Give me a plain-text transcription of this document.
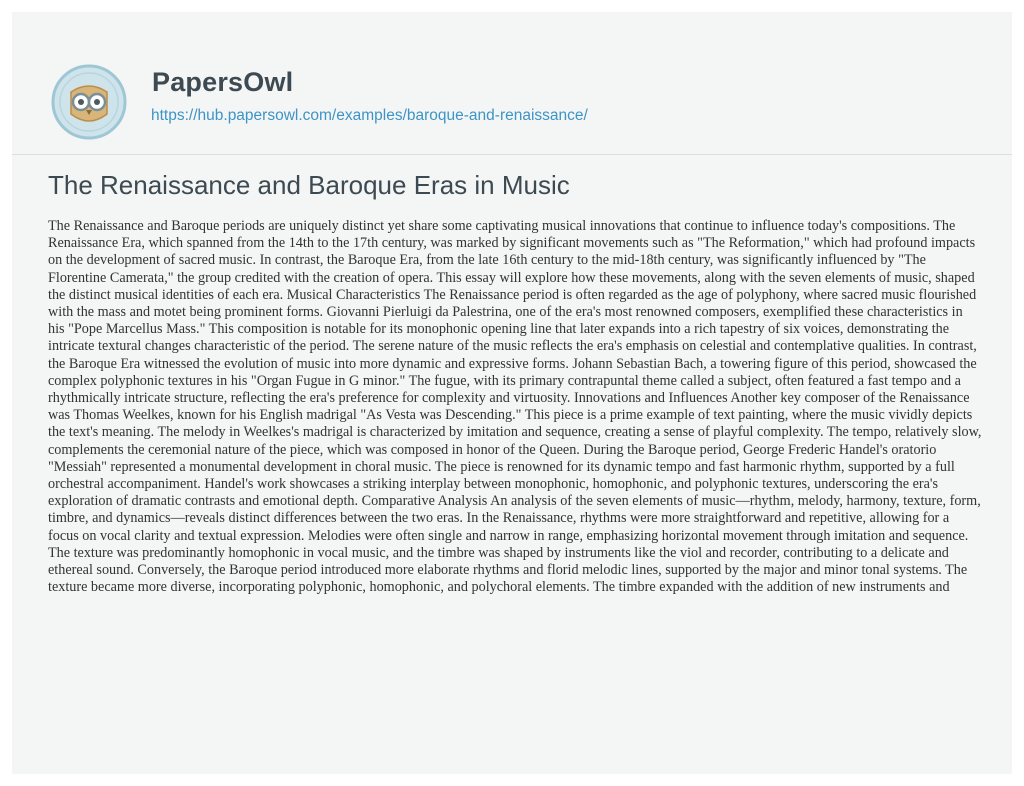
PapersOwl
https://hub.papersowl.com/examples/baroque-and-renaissance/
The Renaissance and Baroque Eras in Music

The Renaissance and Baroque periods are uniquely distinct yet share some captivating musical innovations that continue to influence today's compositions. The Renaissance Era, which spanned from the 14th to the 17th century, was marked by significant movements such as "The Reformation," which had profound impacts on the development of sacred music. In contrast, the Baroque Era, from the late 16th century to the mid-18th century, was significantly influenced by "The Florentine Camerata," the group credited with the creation of opera. This essay will explore how these movements, along with the seven elements of music, shaped the distinct musical identities of each era. Musical Characteristics The Renaissance period is often regarded as the age of polyphony, where sacred music flourished with the mass and motet being prominent forms. Giovanni Pierluigi da Palestrina, one of the era's most renowned composers, exemplified these characteristics in his "Pope Marcellus Mass." This composition is notable for its monophonic opening line that later expands into a rich tapestry of six voices, demonstrating the intricate textural changes characteristic of the period. The serene nature of the music reflects the era's emphasis on celestial and contemplative qualities. In contrast, the Baroque Era witnessed the evolution of music into more dynamic and expressive forms. Johann Sebastian Bach, a towering figure of this period, showcased the complex polyphonic textures in his "Organ Fugue in G minor." The fugue, with its primary contrapuntal theme called a subject, often featured a fast tempo and a rhythmically intricate structure, reflecting the era's preference for complexity and virtuosity. Innovations and Influences Another key composer of the Renaissance was Thomas Weelkes, known for his English madrigal "As Vesta was Descending." This piece is a prime example of text painting, where the music vividly depicts the text's meaning. The melody in Weelkes's madrigal is characterized by imitation and sequence, creating a sense of playful complexity. The tempo, relatively slow, complements the ceremonial nature of the piece, which was composed in honor of the Queen. During the Baroque period, George Frederic Handel's oratorio "Messiah" represented a monumental development in choral music. The piece is renowned for its dynamic tempo and fast harmonic rhythm, supported by a full orchestral accompaniment. Handel's work showcases a striking interplay between monophonic, homophonic, and polyphonic textures, underscoring the era's exploration of dramatic contrasts and emotional depth. Comparative Analysis An analysis of the seven elements of music—rhythm, melody, harmony, texture, form, timbre, and dynamics—reveals distinct differences between the two eras. In the Renaissance, rhythms were more straightforward and repetitive, allowing for a focus on vocal clarity and textual expression. Melodies were often single and narrow in range, emphasizing horizontal movement through imitation and sequence. The texture was predominantly homophonic in vocal music, and the timbre was shaped by instruments like the viol and recorder, contributing to a delicate and ethereal sound. Conversely, the Baroque period introduced more elaborate rhythms and florid melodic lines, supported by the major and minor tonal systems. The texture became more diverse, incorporating polyphonic, homophonic, and polychoral elements. The timbre expanded with the addition of new instruments and
